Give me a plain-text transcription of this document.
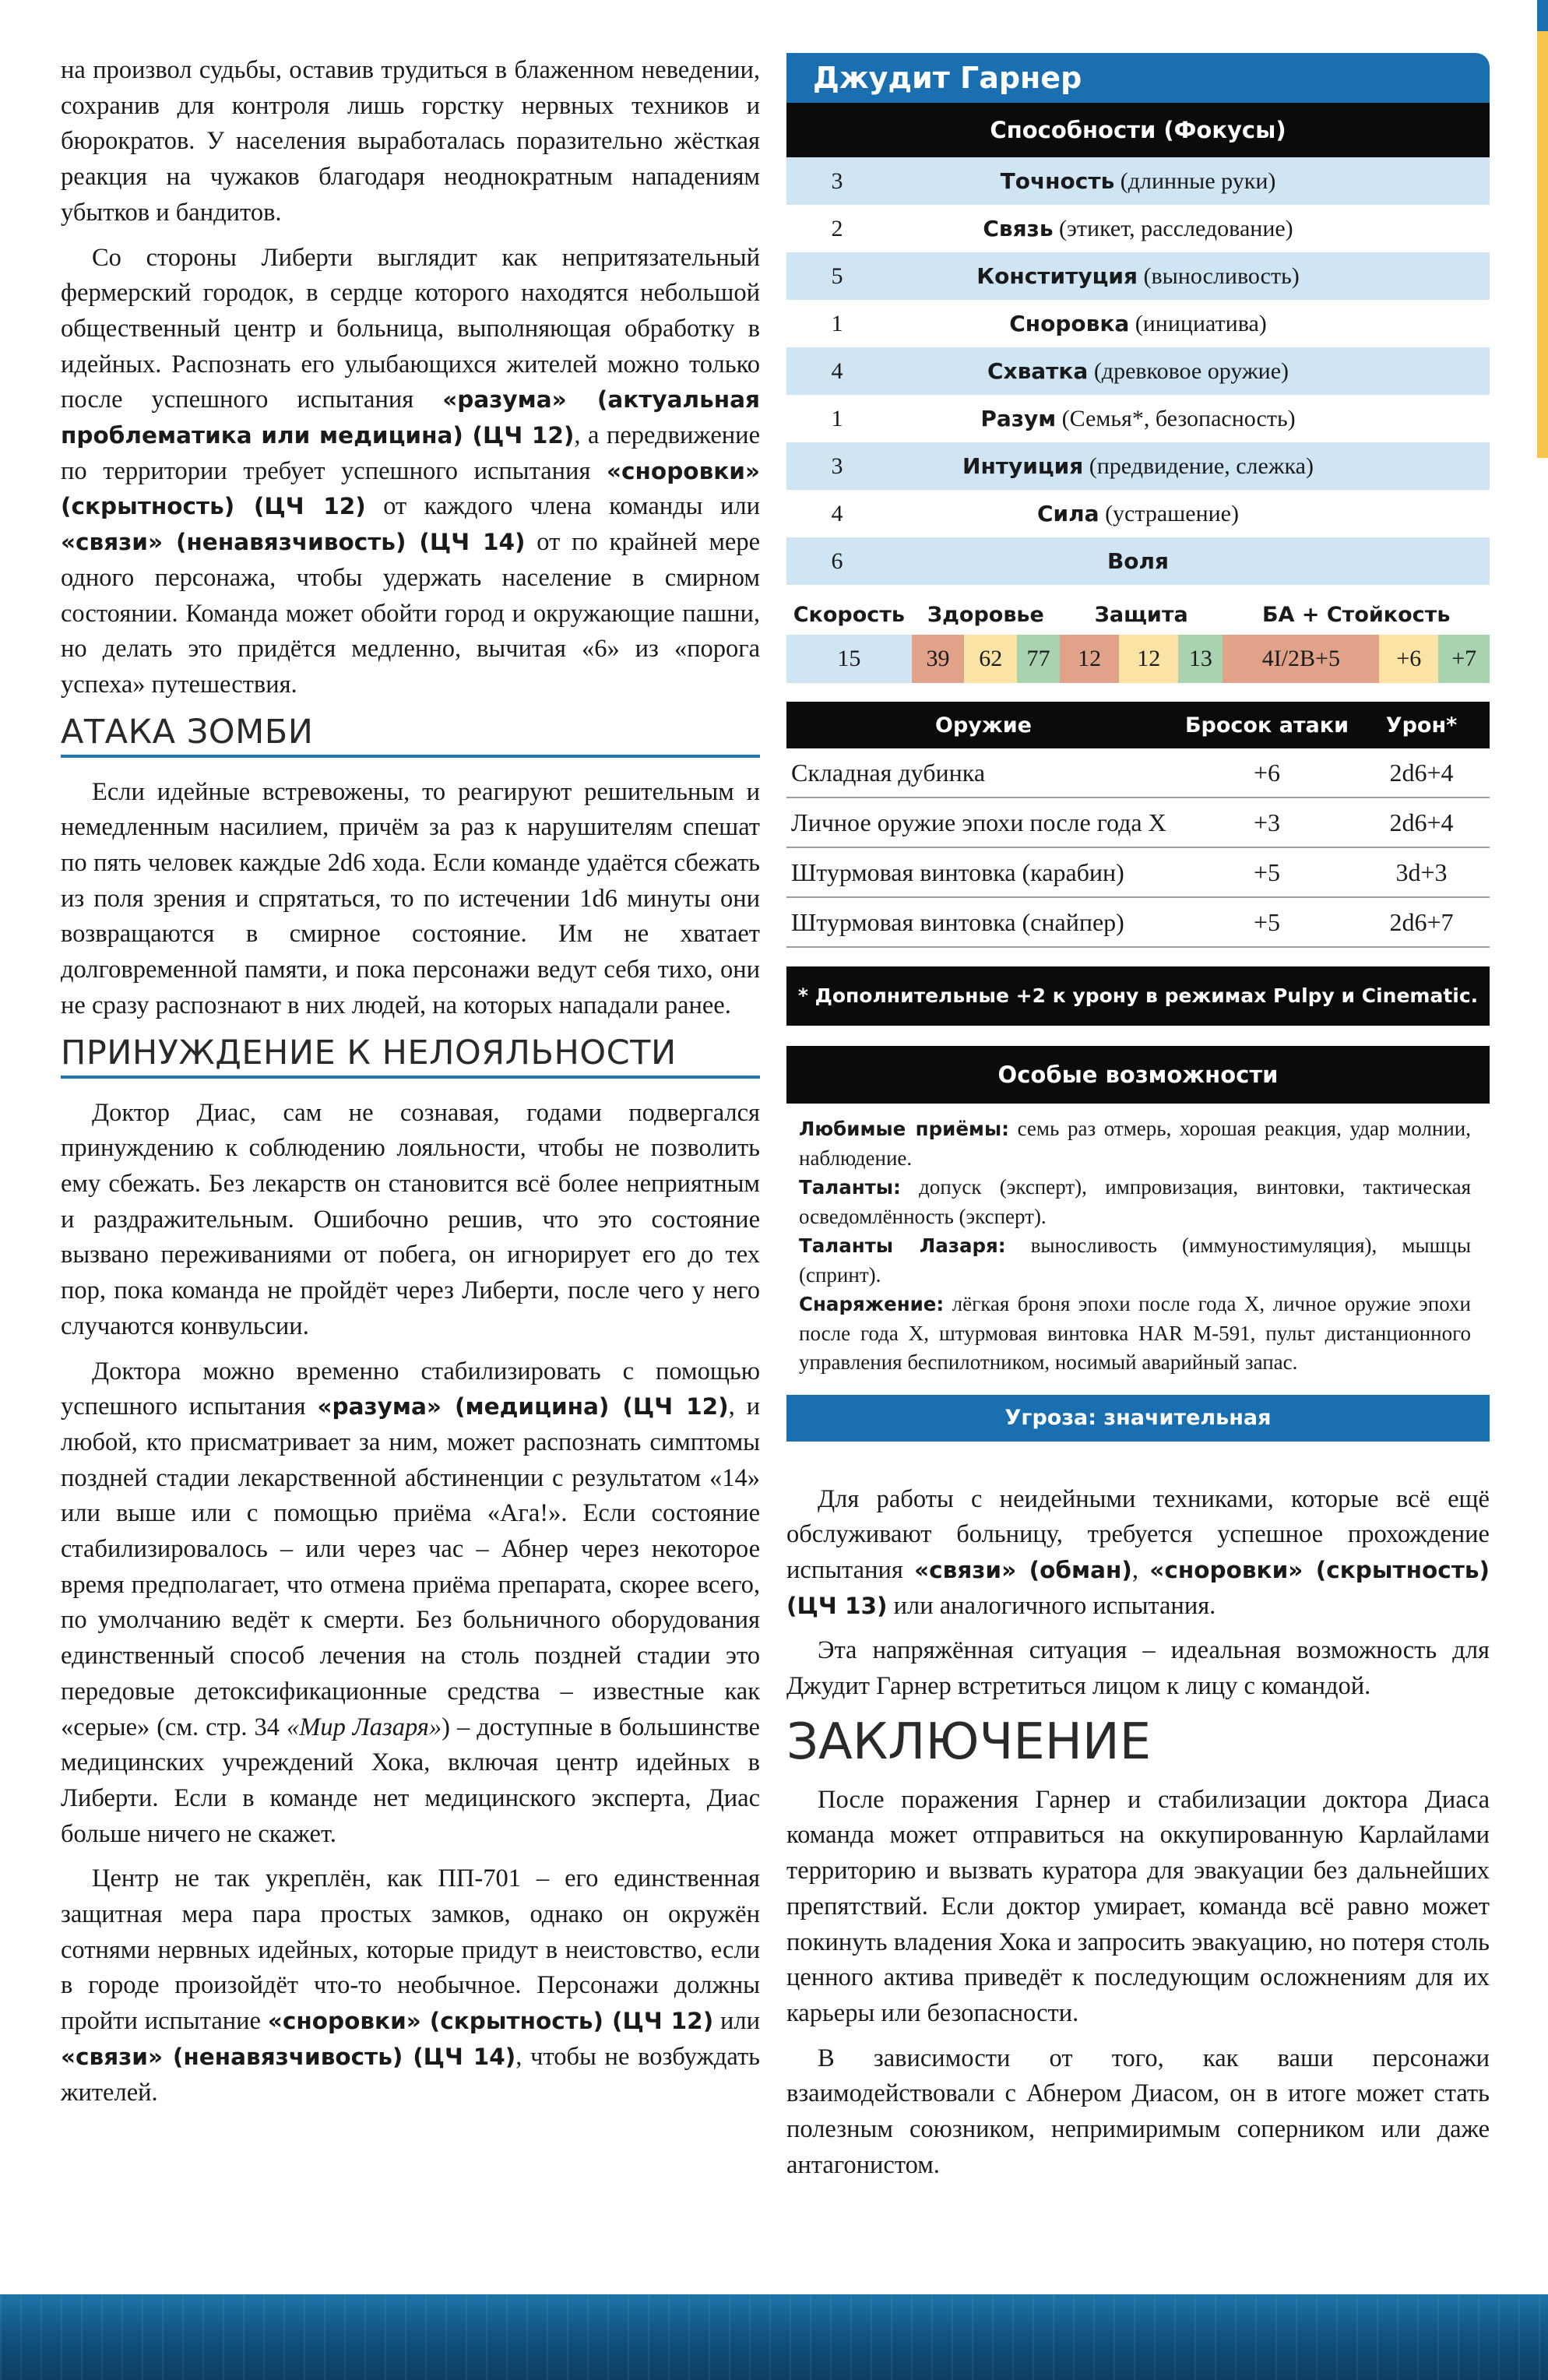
на произвол судьбы, оставив трудиться в блаженном неведении, сохранив для контроля лишь горстку нервных техников и бюрократов. У населения выработалась поразительно жёсткая реакция на чужаков благодаря неоднократным нападениям убытков и бандитов.

Со стороны Либерти выглядит как непритязательный фермерский городок, в сердце которого находятся небольшой общественный центр и больница, выполняющая обработку в идейных. Распознать его улыбающихся жителей можно только после успешного испытания «разума» (актуальная проблематика или медицина) (ЦЧ 12), а передвижение по территории требует успешного испытания «сноровки» (скрытность) (ЦЧ 12) от каждого члена команды или «связи» (ненавязчивость) (ЦЧ 14) от по крайней мере одного персонажа, чтобы удержать население в смирном состоянии. Команда может обойти город и окружающие пашни, но делать это придётся медленно, вычитая «6» из «порога успеха» путешествия.

АТАКА ЗОМБИ

Если идейные встревожены, то реагируют решительным и немедленным насилием, причём за раз к нарушителям спешат по пять человек каждые 2d6 хода. Если команде удаётся сбежать из поля зрения и спрятаться, то по истечении 1d6 минуты они возвращаются в смирное состояние. Им не хватает долговременной памяти, и пока персонажи ведут себя тихо, они не сразу распознают в них людей, на которых нападали ранее.

ПРИНУЖДЕНИЕ К НЕЛОЯЛЬНОСТИ

Доктор Диас, сам не сознавая, годами подвергался принуждению к соблюдению лояльности, чтобы не позволить ему сбежать. Без лекарств он становится всё более неприятным и раздражительным. Ошибочно решив, что это состояние вызвано переживаниями от побега, он игнорирует его до тех пор, пока команда не пройдёт через Либерти, после чего у него случаются конвульсии.

Доктора можно временно стабилизировать с помощью успешного испытания «разума» (медицина) (ЦЧ 12), и любой, кто присматривает за ним, может распознать симптомы поздней стадии лекарственной абстиненции с результатом «14» или выше или с помощью приёма «Ага!». Если состояние стабилизировалось – или через час – Абнер через некоторое время предполагает, что отмена приёма препарата, скорее всего, по умолчанию ведёт к смерти. Без больничного оборудования единственный способ лечения на столь поздней стадии это передовые детоксификационные средства – известные как «серые» (см. стр. 34 «Мир Лазаря») – доступные в большинстве медицинских учреждений Хока, включая центр идейных в Либерти. Если в команде нет медицинского эксперта, Диас больше ничего не скажет.

Центр не так укреплён, как ПП-701 – его единственная защитная мера пара простых замков, однако он окружён сотнями нервных идейных, которые придут в неистовство, если в городе произойдёт что-то необычное. Персонажи должны пройти испытание «сноровки» (скрытность) (ЦЧ 12) или «связи» (ненавязчивость) (ЦЧ 14), чтобы не возбуждать жителей.

Джудит Гарнер
Способности (Фокусы)
3	Точность (длинные руки)
2	Связь (этикет, расследование)
5	Конституция (выносливость)
1	Сноровка (инициатива)
4	Схватка (древковое оружие)
1	Разум (Семья*, безопасность)
3	Интуиция (предвидение, слежка)
4	Сила (устрашение)
6	Воля
Скорость	Здоровье			Защита			БА + Стойкость		
15	39	62	77	12	12	13	4I/2B+5	+6	+7
Оружие	Бросок атаки	Урон*
Складная дубинка	+6	2d6+4
Личное оружие эпохи после года Х	+3	2d6+4
Штурмовая винтовка (карабин)	+5	3d+3
Штурмовая винтовка (снайпер)	+5	2d6+7
* Дополнительные +2 к урону в режимах Pulpy и Cinematic.
Особые возможности
Любимые приёмы: семь раз отмерь, хорошая реакция, удар молнии, наблюдение.
Таланты: допуск (эксперт), импровизация, винтовки, тактическая осведомлённость (эксперт).
Таланты Лазаря: выносливость (иммуностимуляция), мышцы (спринт).
Снаряжение: лёгкая броня эпохи после года Х, личное оружие эпохи после года Х, штурмовая винтовка HAR M-591, пульт дистанционного управления беспилотником, носимый аварийный запас.
Угроза: значительная

Для работы с неидейными техниками, которые всё ещё обслуживают больницу, требуется успешное прохождение испытания «связи» (обман), «сноровки» (скрытность) (ЦЧ 13) или аналогичного испытания.

Эта напряжённая ситуация – идеальная возможность для Джудит Гарнер встретиться лицом к лицу с командой.

ЗАКЛЮЧЕНИЕ

После поражения Гарнер и стабилизации доктора Диаса команда может отправиться на оккупированную Карлайлами территорию и вызвать куратора для эвакуации без дальнейших препятствий. Если доктор умирает, команда всё равно может покинуть владения Хока и запросить эвакуацию, но потеря столь ценного актива приведёт к последующим осложнениям для их карьеры или безопасности.

В зависимости от того, как ваши персонажи взаимодействовали с Абнером Диасом, он в итоге может стать полезным союзником, непримиримым соперником или даже антагонистом.
